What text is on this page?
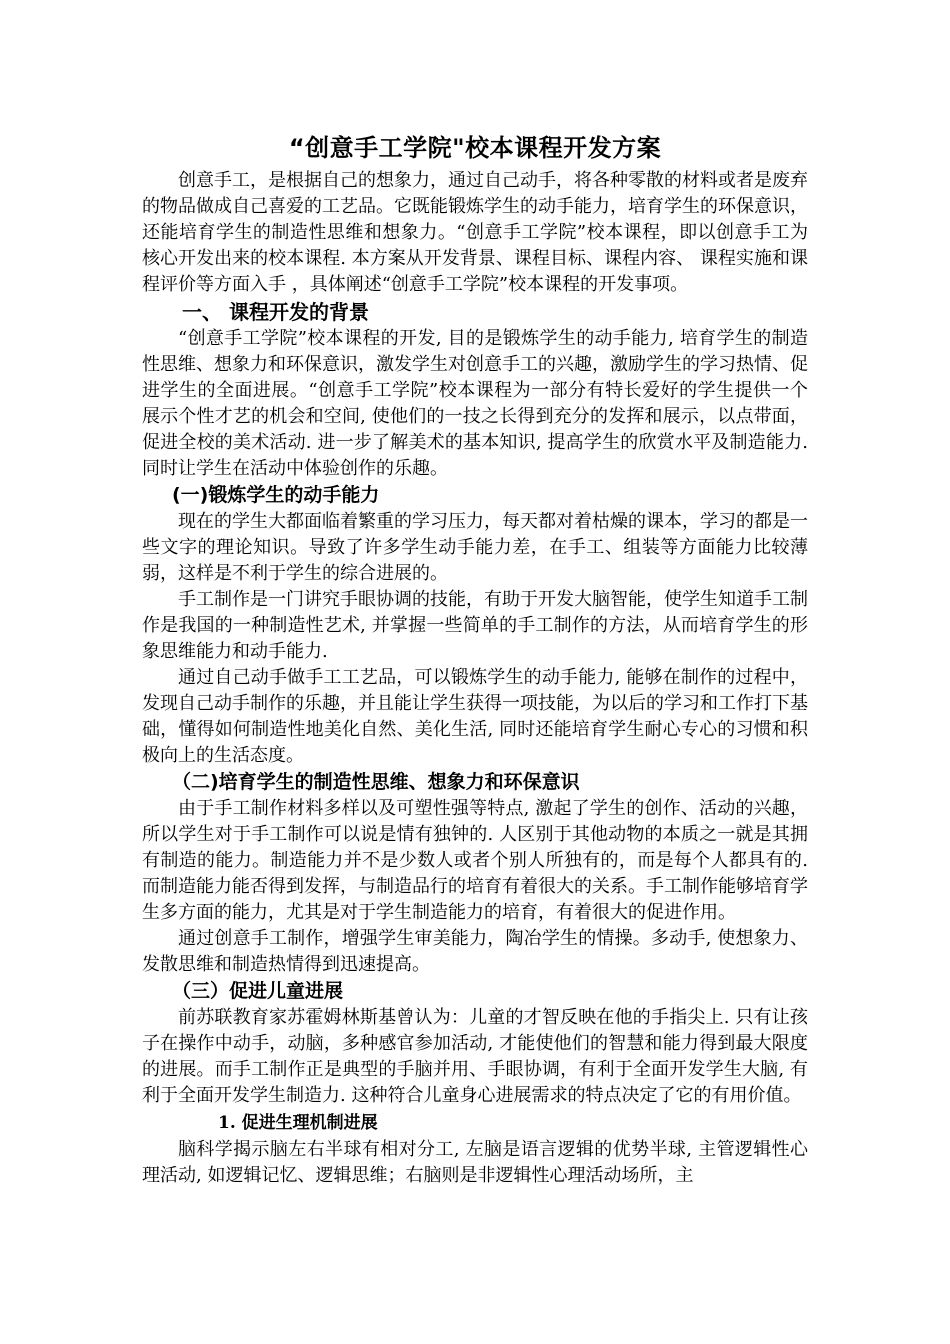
“创意手工学院"校本课程开发方案

创意手工，是根据自己的想象力，通过自己动手，将各种零散的材料或者是废弃的物品做成自己喜爱的工艺品。它既能锻炼学生的动手能力，培育学生的环保意识，还能培育学生的制造性思维和想象力。“创意手工学院”校本课程，即以创意手工为核心开发出来的校本课程. 本方案从开发背景、课程目标、课程内容、 课程实施和课程评价等方面入手 ，具体阐述“创意手工学院”校本课程的开发事项。

一、 课程开发的背景

“创意手工学院”校本课程的开发, 目的是锻炼学生的动手能力, 培育学生的制造性思维、想象力和环保意识，激发学生对创意手工的兴趣，激励学生的学习热情、促进学生的全面进展。“创意手工学院”校本课程为一部分有特长爱好的学生提供一个展示个性才艺的机会和空间, 使他们的一技之长得到充分的发挥和展示，以点带面，促进全校的美术活动. 进一步了解美术的基本知识, 提高学生的欣赏水平及制造能力. 同时让学生在活动中体验创作的乐趣。

(一)锻炼学生的动手能力

现在的学生大都面临着繁重的学习压力，每天都对着枯燥的课本，学习的都是一些文字的理论知识。导致了许多学生动手能力差，在手工、组装等方面能力比较薄弱，这样是不利于学生的综合进展的。

手工制作是一门讲究手眼协调的技能，有助于开发大脑智能，使学生知道手工制作是我国的一种制造性艺术, 并掌握一些简单的手工制作的方法，从而培育学生的形象思维能力和动手能力.

通过自己动手做手工工艺品，可以锻炼学生的动手能力, 能够在制作的过程中，发现自己动手制作的乐趣，并且能让学生获得一项技能，为以后的学习和工作打下基础，懂得如何制造性地美化自然、美化生活, 同时还能培育学生耐心专心的习惯和积极向上的生活态度。

（二)培育学生的制造性思维、想象力和环保意识

由于手工制作材料多样以及可塑性强等特点, 激起了学生的创作、活动的兴趣，所以学生对于手工制作可以说是情有独钟的. 人区别于其他动物的本质之一就是其拥有制造的能力。制造能力并不是少数人或者个别人所独有的，而是每个人都具有的. 而制造能力能否得到发挥，与制造品行的培育有着很大的关系。手工制作能够培育学生多方面的能力，尤其是对于学生制造能力的培育，有着很大的促进作用。

通过创意手工制作，增强学生审美能力，陶冶学生的情操。多动手, 使想象力、发散思维和制造热情得到迅速提高。

（三）促进儿童进展

前苏联教育家苏霍姆林斯基曾认为：儿童的才智反映在他的手指尖上. 只有让孩子在操作中动手，动脑，多种感官参加活动, 才能使他们的智慧和能力得到最大限度的进展。而手工制作正是典型的手脑并用、手眼协调，有利于全面开发学生大脑, 有利于全面开发学生制造力. 这种符合儿童身心进展需求的特点决定了它的有用价值。

1. 促进生理机制进展

脑科学揭示脑左右半球有相对分工, 左脑是语言逻辑的优势半球, 主管逻辑性心理活动, 如逻辑记忆、逻辑思维；右脑则是非逻辑性心理活动场所，主
